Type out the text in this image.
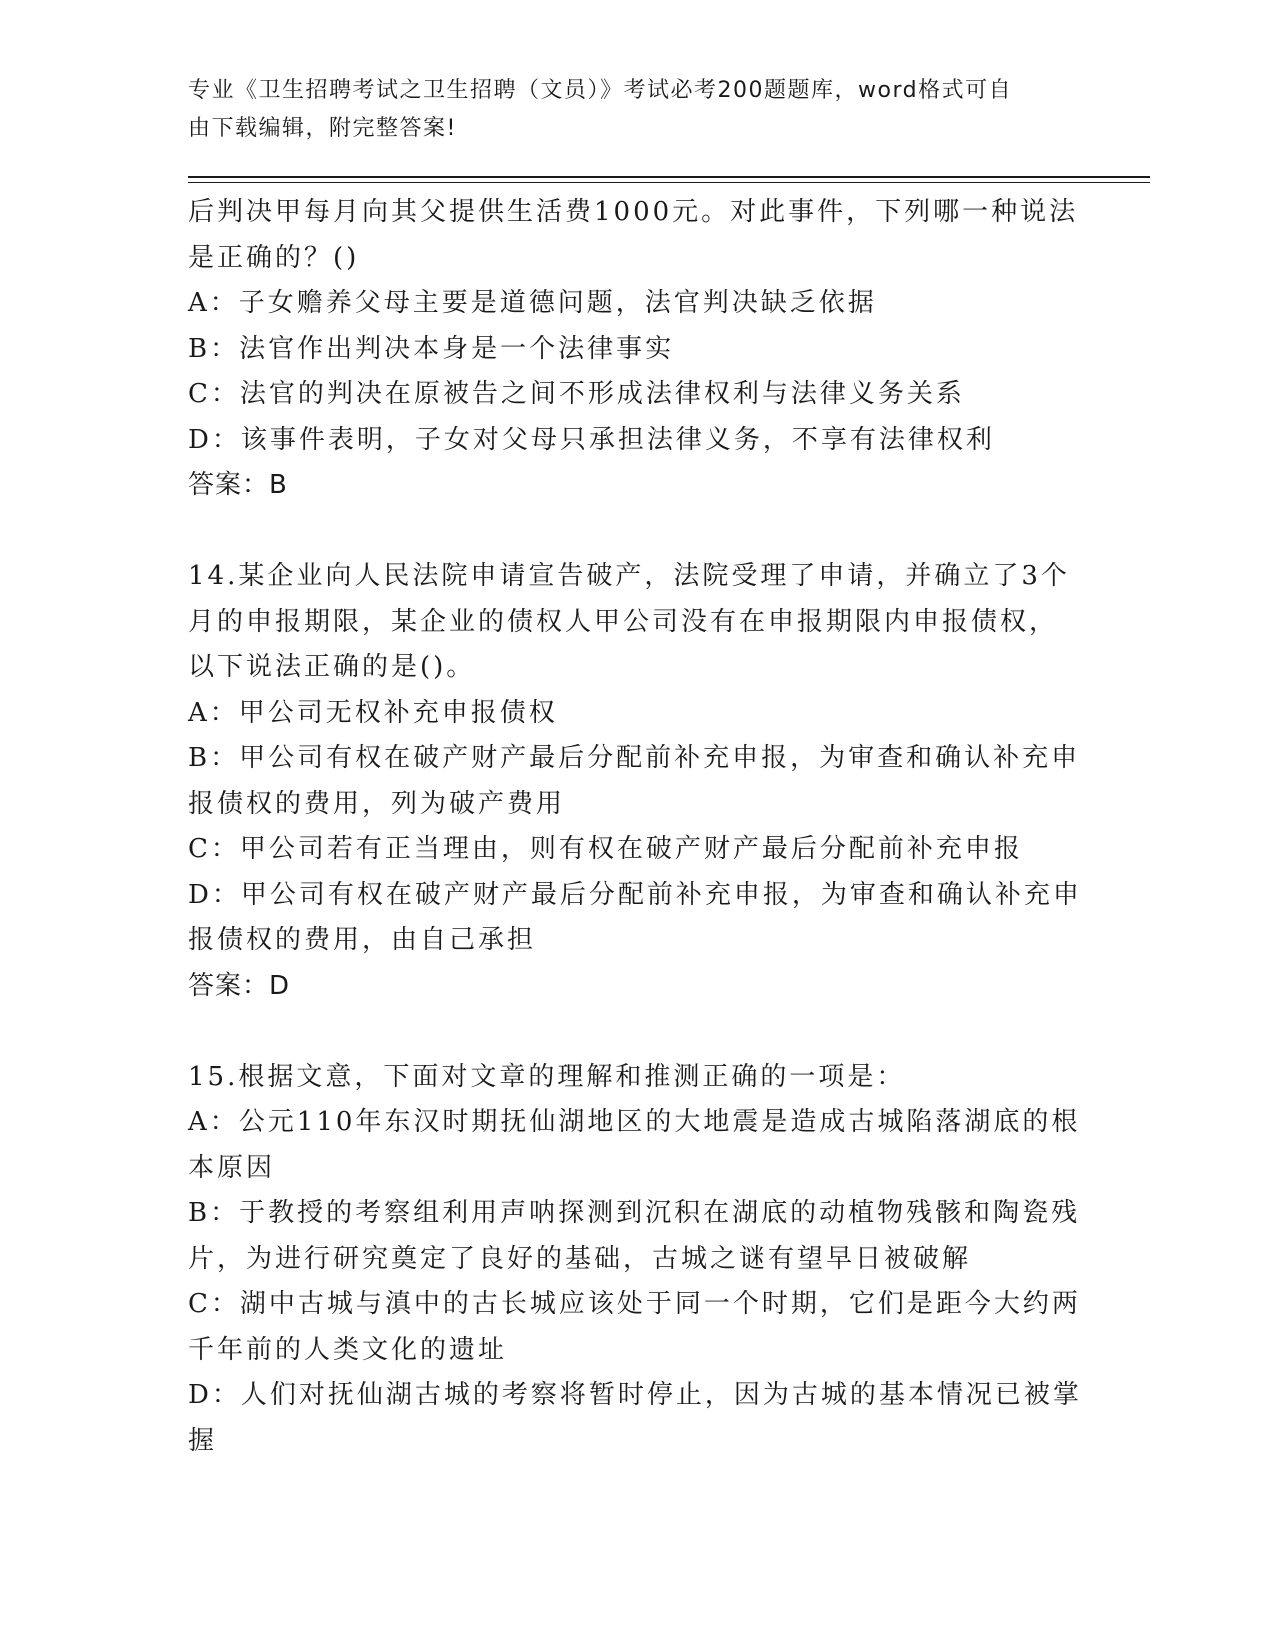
专业《卫生招聘考试之卫生招聘（文员）》考试必考200题题库，word格式可自
由下载编辑，附完整答案!
后判决甲每月向其父提供生活费1000元。对此事件，下列哪一种说法
是正确的？()
A：子女赡养父母主要是道德问题，法官判决缺乏依据
B：法官作出判决本身是一个法律事实
C：法官的判决在原被告之间不形成法律权利与法律义务关系
D：该事件表明，子女对父母只承担法律义务，不享有法律权利
答案：B
14.某企业向人民法院申请宣告破产，法院受理了申请，并确立了3个
月的申报期限，某企业的债权人甲公司没有在申报期限内申报债权，
以下说法正确的是()。
A：甲公司无权补充申报债权
B：甲公司有权在破产财产最后分配前补充申报，为审查和确认补充申
报债权的费用，列为破产费用
C：甲公司若有正当理由，则有权在破产财产最后分配前补充申报
D：甲公司有权在破产财产最后分配前补充申报，为审查和确认补充申
报债权的费用，由自己承担
答案：D
15.根据文意，下面对文章的理解和推测正确的一项是：
A：公元110年东汉时期抚仙湖地区的大地震是造成古城陷落湖底的根
本原因
B：于教授的考察组利用声呐探测到沉积在湖底的动植物残骸和陶瓷残
片，为进行研究奠定了良好的基础，古城之谜有望早日被破解
C：湖中古城与滇中的古长城应该处于同一个时期，它们是距今大约两
千年前的人类文化的遗址
D：人们对抚仙湖古城的考察将暂时停止，因为古城的基本情况已被掌
握
